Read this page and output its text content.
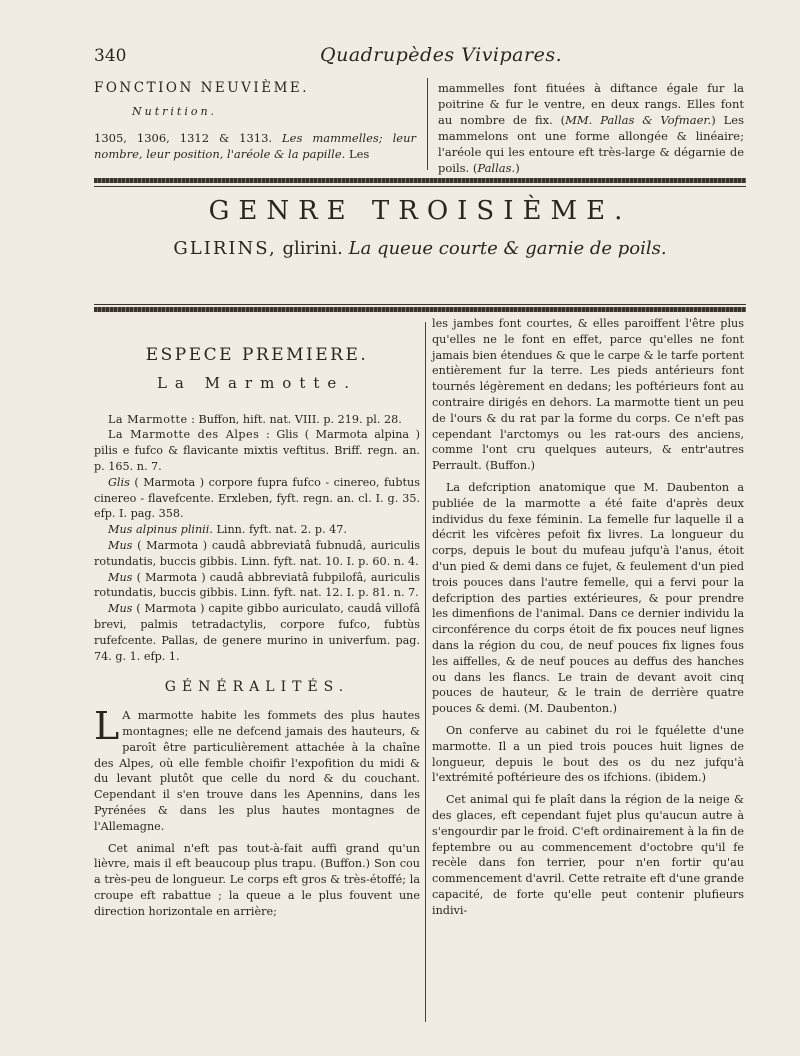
340	Quadrupèdes Vivipares.
FONCTION NEUVIÈME.
Nutrition.
1305, 1306, 1312 & 1313. Les mammelles; leur nombre, leur position, l'aréole & la papille. Les
mammelles font fituées à diftance égale fur la poitrine & fur le ventre, en deux rangs. Elles font au nombre de fix. (MM. Pallas & Vofmaer.) Les mammelons ont une forme allongée & linéaire; l'aréole qui les entoure eft très-large & dégarnie de poils. (Pallas.)
GENRE TROISIÈME.
GLIRINS, glirini. La queue courte & garnie de poils.
ESPECE PREMIERE.
La Marmotte.

La Marmotte : Buffon, hift. nat. VIII. p. 219. pl. 28.

La Marmotte des Alpes : Glis ( Marmota alpina ) pilis e fufco & flavicante mixtis veftitus. Briff. regn. an. p. 165. n. 7.

Glis ( Marmota ) corpore fupra fufco - cinereo, fubtus cinereo - flavefcente. Erxleben, fyft. regn. an. cl. I. g. 35. efp. I. pag. 358.

Mus alpinus plinii. Linn. fyft. nat. 2. p. 47.

Mus ( Marmota ) caudâ abbreviatâ fubnudâ, auriculis rotundatis, buccis gibbis. Linn. fyft. nat. 10. I. p. 60. n. 4.

Mus ( Marmota ) caudâ abbreviatâ fubpilofâ, auriculis rotundatis, buccis gibbis. Linn. fyft. nat. 12. I. p. 81. n. 7.

Mus ( Marmota ) capite gibbo auriculato, caudâ villofâ brevi, palmis tetradactylis, corpore fufco, fubtùs rufefcente. Pallas, de genere murino in univerfum. pag. 74. g. 1. efp. 1.

GÉNÉRALITÉS.

L A marmotte habite les fommets des plus hautes montagnes; elle ne defcend jamais des hauteurs, & paroît être particulièrement attachée à la chaîne des Alpes, où elle femble choifir l'expofition du midi & du levant plutôt que celle du nord & du couchant. Cependant il s'en trouve dans les Apennins, dans les Pyrénées & dans les plus hautes montagnes de l'Allemagne.

Cet animal n'eft pas tout-à-fait auffi grand qu'un lièvre, mais il eft beaucoup plus trapu. (Buffon.) Son cou a très-peu de longueur. Le corps eft gros & très-étoffé; la croupe eft rabattue ; la queue a le plus fouvent une direction horizontale en arrière;

les jambes font courtes, & elles paroiffent l'être plus qu'elles ne le font en effet, parce qu'elles ne font jamais bien étendues & que le carpe & le tarfe portent entièrement fur la terre. Les pieds antérieurs font tournés légèrement en dedans; les poftérieurs font au contraire dirigés en dehors. La marmotte tient un peu de l'ours & du rat par la forme du corps. Ce n'eft pas cependant l'arctomys ou les rat-ours des anciens, comme l'ont cru quelques auteurs, & entr'autres Perrault. (Buffon.)

La defcription anatomique que M. Daubenton a publiée de la marmotte a été faite d'après deux individus du fexe féminin. La femelle fur laquelle il a décrit les vifcères pefoit fix livres. La longueur du corps, depuis le bout du mufeau jufqu'à l'anus, étoit d'un pied & demi dans ce fujet, & feulement d'un pied trois pouces dans l'autre femelle, qui a fervi pour la defcription des parties extérieures, & pour prendre les dimenfions de l'animal. Dans ce dernier individu la circonférence du corps étoit de fix pouces neuf lignes dans la région du cou, de neuf pouces fix lignes fous les aiffelles, & de neuf pouces au deffus des hanches ou dans les flancs. Le train de devant avoit cinq pouces de hauteur, & le train de derrière quatre pouces & demi. (M. Daubenton.)

On conferve au cabinet du roi le fquélette d'une marmotte. Il a un pied trois pouces huit lignes de longueur, depuis le bout des os du nez jufqu'à l'extrémité poftérieure des os ifchions. (ibidem.)

Cet animal qui fe plaît dans la région de la neige & des glaces, eft cependant fujet plus qu'aucun autre à s'engourdir par le froid. C'eft ordinairement à la fin de feptembre ou au commencement d'octobre qu'il fe recèle dans fon terrier, pour n'en fortir qu'au commencement d'avril. Cette retraite eft d'une grande capacité, de forte qu'elle peut contenir plufieurs indivi-
